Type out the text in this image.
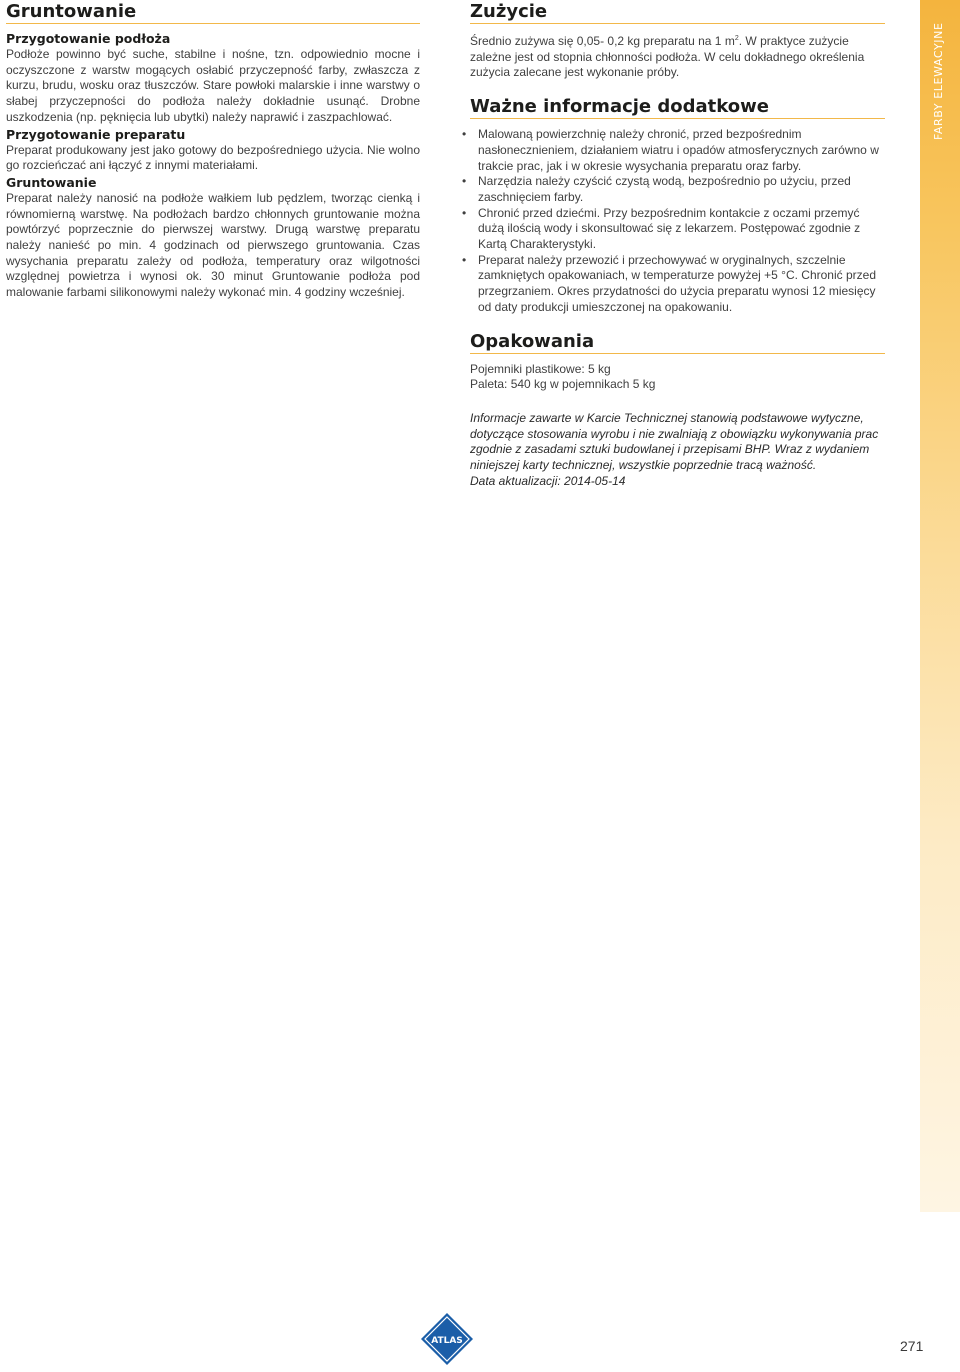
Gruntowanie
Przygotowanie podłoża

Podłoże powinno być suche, stabilne i nośne, tzn. odpowiednio mocne i oczyszczone z warstw mogących osłabić przyczepność farby, zwłaszcza z kurzu, brudu, wosku oraz tłuszczów. Stare powłoki malarskie i inne warstwy o słabej przyczepności do podłoża należy dokładnie usunąć. Drobne uszkodzenia (np. pęknięcia lub ubytki) należy naprawić i zaszpachlować.

Przygotowanie preparatu

Preparat produkowany jest jako gotowy do bezpośredniego użycia. Nie wolno go rozcieńczać ani łączyć z innymi materiałami.

Gruntowanie

Preparat należy nanosić na podłoże wałkiem lub pędzlem, tworząc cienką i równomierną warstwę. Na podłożach bardzo chłonnych gruntowanie można powtórzyć poprzecznie do pierwszej warstwy. Drugą warstwę preparatu należy nanieść po min. 4 godzinach od pierwszego gruntowania. Czas wysychania preparatu zależy od podłoża, temperatury oraz wilgotności względnej powietrza i wynosi ok. 30 minut Gruntowanie podłoża pod malowanie farbami silikonowymi należy wykonać min. 4 godziny wcześniej.

Zużycie

Średnio zużywa się 0,05- 0,2 kg preparatu na 1 $m^2$. W praktyce zużycie zależne jest od stopnia chłonności podłoża. W celu dokładnego określenia zużycia zalecane jest wykonanie próby.

Ważne informacje dodatkowe
• Malowaną powierzchnię należy chronić, przed bezpośrednim nasłonecznieniem, działaniem wiatru i opadów atmosferycznych zarówno w trakcie prac, jak i w okresie wysychania preparatu oraz farby.
• Narzędzia należy czyścić czystą wodą, bezpośrednio po użyciu, przed zaschnięciem farby.
• Chronić przed dziećmi. Przy bezpośrednim kontakcie z oczami przemyć dużą ilością wody i skonsultować się z lekarzem. Postępować zgodnie z Kartą Charakterystyki.
• Preparat należy przewozić i przechowywać w oryginalnych, szczelnie zamkniętych opakowaniach, w temperaturze powyżej +5 °C. Chronić przed przegrzaniem. Okres przydatności do użycia preparatu wynosi 12 miesięcy od daty produkcji umieszczonej na opakowaniu.
Opakowania

Pojemniki plastikowe: 5 kg

Paleta: 540 kg w pojemnikach 5 kg

Informacje zawarte w Karcie Technicznej stanowią podstawowe wytyczne, dotyczące stosowania wyrobu i nie zwalniają z obowiązku wykonywania prac zgodnie z zasadami sztuki budowlanej i przepisami BHP. Wraz z wydaniem niniejszej karty technicznej, wszystkie poprzednie tracą ważność.

Data aktualizacji: 2014-05-14

FARBY ELEWACYJNE
ATLAS	271
